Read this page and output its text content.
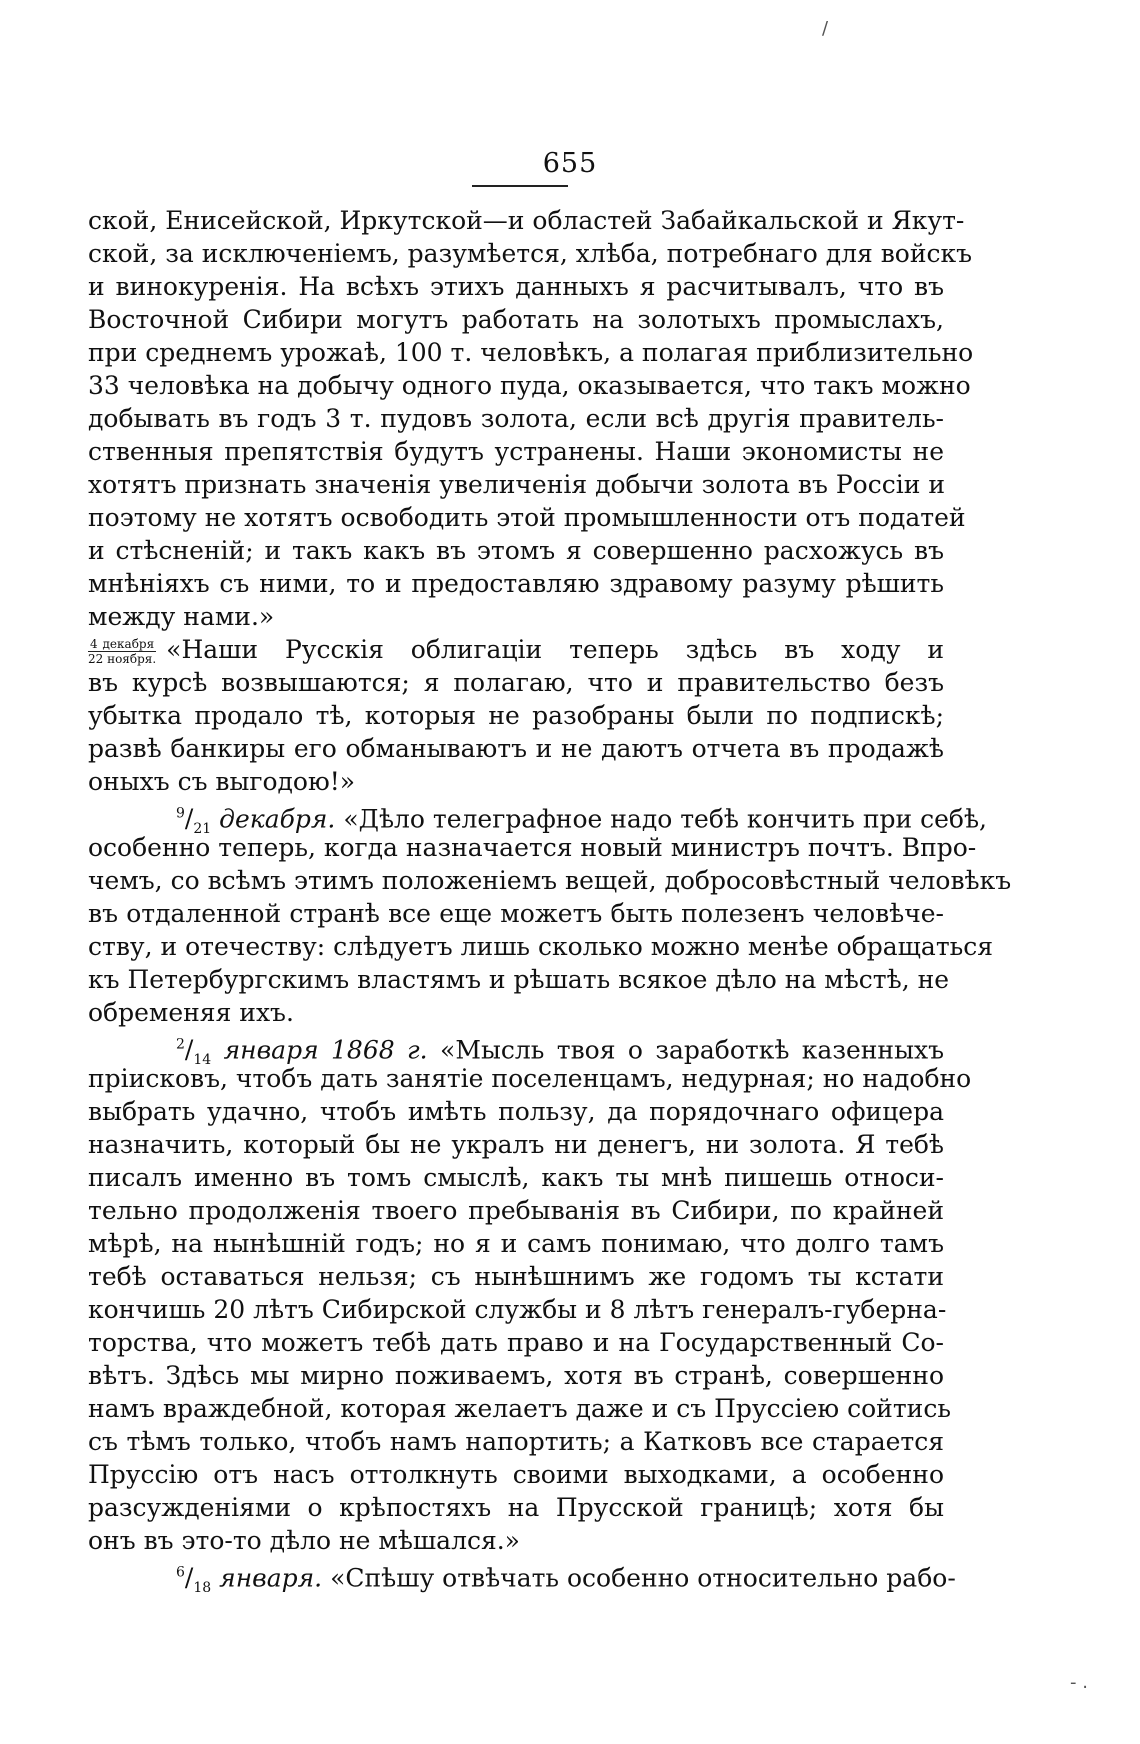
/
- .
655
ской, Енисейской, Иркутской—и областей Забайкальской и Якут-
ской, за исключеніемъ, разумѣется, хлѣба, потребнаго для войскъ
и винокуренія. На всѣхъ этихъ данныхъ я расчитывалъ, что въ
Восточной Сибири могутъ работать на золотыхъ промыслахъ,
при среднемъ урожаѣ, 100 т. человѣкъ, а полагая приблизительно
33 человѣка на добычу одного пуда, оказывается, что такъ можно
добывать въ годъ 3 т. пудовъ золота, если всѣ другія правитель-
ственныя препятствія будутъ устранены. Наши экономисты не
хотятъ признать значенія увеличенія добычи золота въ Россіи и
поэтому не хотятъ освободить этой промышленности отъ податей
и стѣсненій; и такъ какъ въ этомъ я совершенно расхожусь въ
мнѣніяхъ съ ними, то и предоставляю здравому разуму рѣшить
между нами.»
4 декабря
22 ноября. «Наши Русскія облигаціи теперь здѣсь въ ходу и
въ курсѣ возвышаются; я полагаю, что и правительство безъ
убытка продало тѣ, которыя не разобраны были по подпискѣ;
развѣ банкиры его обманываютъ и не даютъ отчета въ продажѣ
оныхъ съ выгодою!»
$^9/_{21}$ декабря. «Дѣло телеграфное надо тебѣ кончить при себѣ,
особенно теперь, когда назначается новый министръ почтъ. Впро-
чемъ, со всѣмъ этимъ положеніемъ вещей, добросовѣстный человѣкъ
въ отдаленной странѣ все еще можетъ быть полезенъ человѣче-
ству, и отечеству: слѣдуетъ лишь сколько можно менѣе обращаться
къ Петербургскимъ властямъ и рѣшать всякое дѣло на мѣстѣ, не
обременяя ихъ.
$^2/_{14}$ января 1868 г. «Мысль твоя о заработкѣ казенныхъ
пріисковъ, чтобъ дать занятіе поселенцамъ, недурная; но надобно
выбрать удачно, чтобъ имѣть пользу, да порядочнаго офицера
назначить, который бы не укралъ ни денегъ, ни золота. Я тебѣ
писалъ именно въ томъ смыслѣ, какъ ты мнѣ пишешь относи-
тельно продолженія твоего пребыванія въ Сибири, по крайней
мѣрѣ, на нынѣшній годъ; но я и самъ понимаю, что долго тамъ
тебѣ оставаться нельзя; съ нынѣшнимъ же годомъ ты кстати
кончишь 20 лѣтъ Сибирской службы и 8 лѣтъ генералъ-губерна-
торства, что можетъ тебѣ дать право и на Государственный Со-
вѣтъ. Здѣсь мы мирно поживаемъ, хотя въ странѣ, совершенно
намъ враждебной, которая желаетъ даже и съ Пруссіею сойтись
съ тѣмъ только, чтобъ намъ напортить; а Катковъ все старается
Пруссію отъ насъ оттолкнуть своими выходками, а особенно
разсужденіями о крѣпостяхъ на Прусской границѣ; хотя бы
онъ въ это-то дѣло не мѣшался.»
$^6/_{18}$ января. «Спѣшу отвѣчать особенно относительно рабо-
